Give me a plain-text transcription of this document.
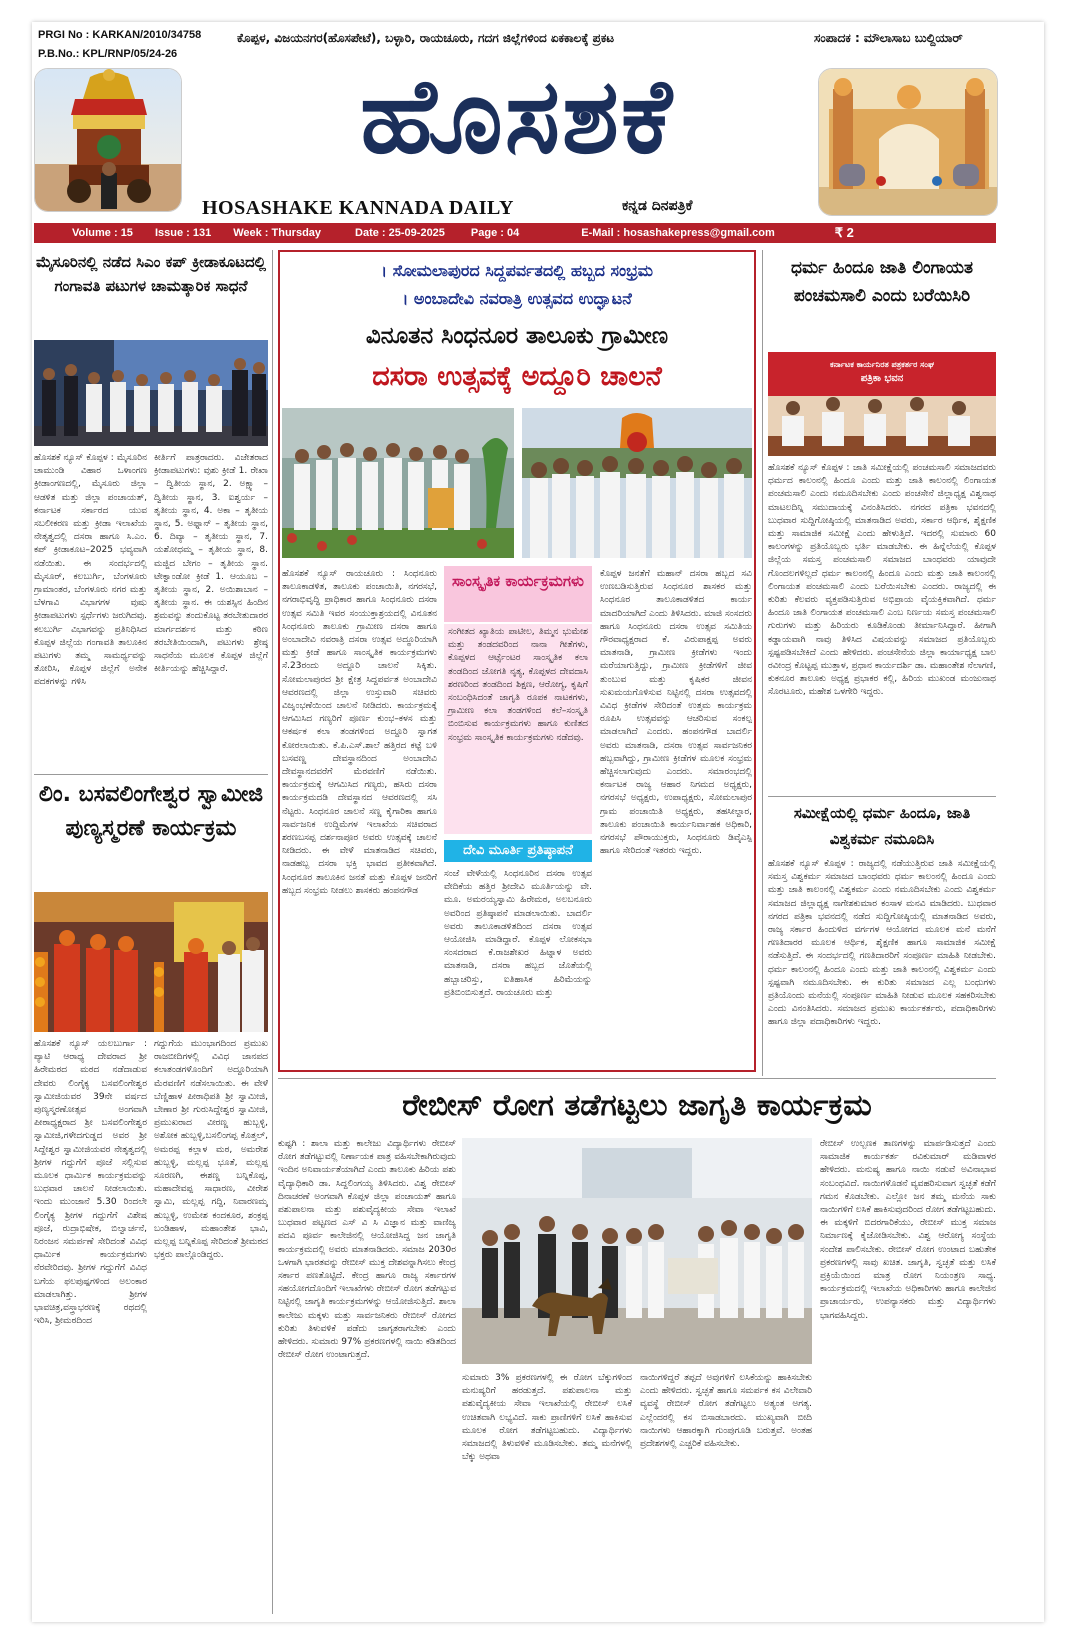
PRGI No : KARKAN/2010/34758
P.B.No.: KPL/RNP/05/24-26
ಕೊಪ್ಪಳ, ವಿಜಯನಗರ(ಹೊಸಪೇಟೆ), ಬಳ್ಳಾರಿ, ರಾಯಚೂರು, ಗದಗ ಜಿಲ್ಲೆಗಳಿಂದ ಏಕಕಾಲಕ್ಕೆ ಪ್ರಕಟ	ಸಂಪಾದಕ : ಮೌಲಾಸಾಬ ಬುಲ್ದಿಯಾರ್
ಹೊಸಶಕೆ
HOSASHAKE KANNADA DAILY	ಕನ್ನಡ ದಿನಪತ್ರಿಕೆ
Volume : 15 Issue : 131 Week : Thursday	Date : 25-09-2025 Page : 04	E-Mail : hosashakepress@gmail.com	₹ 2
ಮೈಸೂರಿನಲ್ಲಿ ನಡೆದ ಸಿಎಂ ಕಪ್ ಕ್ರೀಡಾಕೂಟದಲ್ಲಿ ಗಂಗಾವತಿ ಪಟುಗಳ ಚಾಮತ್ಕಾರಿಕ ಸಾಧನೆ
ಹೊಸಶಕೆ ನ್ಯೂಸ್ ಕೊಪ್ಪಳ : ಮೈಸೂರಿನ ಚಾಮುಂಡಿ ವಿಹಾರ ಒಳಾಂಗಣ ಕ್ರೀಡಾಂಗಣದಲ್ಲಿ, ಮೈಸೂರು ಜಿಲ್ಲಾ ಆಡಳಿತ ಮತ್ತು ಜಿಲ್ಲಾ ಪಂಚಾಯತ್, ಕರ್ನಾಟಕ ಸರ್ಕಾರದ ಯುವ ಸಬಲೀಕರಣ ಮತ್ತು ಕ್ರೀಡಾ ಇಲಾಖೆಯ ನೇತೃತ್ವದಲ್ಲಿ ದಸರಾ ಹಾಗೂ ಸಿ.ಎಂ. ಕಪ್ ಕ್ರೀಡಾಕೂಟ–2025 ಭವ್ಯವಾಗಿ ನಡೆಯಿತು. ಈ ಸಂದರ್ಭದಲ್ಲಿ ಮೈಸೂರ್, ಕಲಬುರ್ಗಿ, ಬೆಂಗಳೂರು ಗ್ರಾಮಾಂತರ, ಬೆಂಗಳೂರು ನಗರ ಮತ್ತು ಬೆಳಗಾವಿ ವಿಭಾಗಗಳ ವುಷು ಕ್ರೀಡಾಪಟುಗಳು ಸ್ಪರ್ಧೆಗಳು ಜರುಗಿದವು. ಕಲಬುರ್ಗಿ ವಿಭಾಗವನ್ನು ಪ್ರತಿನಿಧಿಸಿದ ಕೊಪ್ಪಳ ಜಿಲ್ಲೆಯ ಗಂಗಾವತಿ ತಾಲೂಕಿನ ಪಟುಗಳು ತಮ್ಮ ಸಾಮರ್ಥ್ಯವನ್ನು ತೋರಿಸಿ, ಕೊಪ್ಪಳ ಜಿಲ್ಲೆಗೆ ಅನೇಕ ಪದಕಗಳನ್ನು ಗಳಿಸಿ
ಕೀರ್ತಿಗೆ ಪಾತ್ರರಾದರು. ವಿಜೇತರಾದ ಕ್ರೀಡಾಪಟುಗಳು: ವುಶು ಕ್ರೀಡೆ 1. ರೇಖಾ – ದ್ವಿತೀಯ ಸ್ಥಾನ, 2. ಅಕ್ಷ್ಯಾ – ದ್ವಿತೀಯ ಸ್ಥಾನ, 3. ಐಶ್ವರ್ಯ – ತೃತೀಯ ಸ್ಥಾನ, 4. ಅಕಾ – ತೃತೀಯ ಸ್ಥಾನ, 5. ಅಫ್ನಾನ್ – ತೃತೀಯ ಸ್ಥಾನ, 6. ದಿವ್ಯಾ – ತೃತೀಯ ಸ್ಥಾನ, 7. ಯಶೋಧಮ್ಮ – ತೃತೀಯ ಸ್ಥಾನ, 8. ಮಜ್ಜಿದ ಬೇಗಂ – ತೃತೀಯ ಸ್ಥಾನ. ಟೇಕ್ವಾಂಡೋ ಕ್ರೀಡೆ 1. ಆಯೂಬ – ತೃತೀಯ ಸ್ಥಾನ, 2. ಅಯಿಶಾಬಾನ – ತೃತೀಯ ಸ್ಥಾನ. ಈ ಯಶಸ್ಸಿನ ಹಿಂದಿನ ಶ್ರಮವನ್ನು ತಂದುಕೊಟ್ಟ ತರಬೇತುದಾರರ ಮಾರ್ಗದರ್ಶನ ಮತ್ತು ಕಠಿಣ ತರಬೇತಿಯಿಂದಾಗಿ, ಪಟುಗಳು ಶ್ರೇಷ್ಠ ಸಾಧನೆಯ ಮೂಲಕ ಕೊಪ್ಪಳ ಜಿಲ್ಲೆಗೆ ಕೀರ್ತಿಯನ್ನು ಹೆಚ್ಚಿಸಿದ್ದಾರೆ.
ಲಿಂ. ಬಸವಲಿಂಗೇಶ್ವರ ಸ್ವಾಮೀಜಿ ಪುಣ್ಯಸ್ಮರಣೆ ಕಾರ್ಯಕ್ರಮ
ಹೊಸಶಕೆ ನ್ಯೂಸ್ ಯಲಬುರ್ಗಾ : ಪ್ಯಾಟಿ ಆರಾಧ್ಯ ದೇವರಾದ ಶ್ರೀ ಹಿರೇಮಠದ ಮಠದ ನಡೆದಾಡುವ ದೇವರು ಲಿಂಗೈಕ್ಯ ಬಸವಲಿಂಗೇಶ್ವರ ಸ್ವಾಮೀಜಿಯವರ 39ನೇ ವರ್ಷದ ಪುಣ್ಯಸ್ಮರಣೋತ್ಸವ ಅಂಗವಾಗಿ ಪೀಠಾಧ್ಯಕ್ಷರಾದ ಶ್ರೀ ಬಸವಲಿಂಗೇಶ್ವರ ಸ್ವಾಮೀಜಿ,ಗಳೇದಗುಡ್ಡದ ಅವರ ಶ್ರೀ ಸಿದ್ದೇಶ್ವರ ಸ್ವಾಮೀಜಿಯವರ ನೇತೃತ್ವದಲ್ಲಿ ಶ್ರೀಗಳ ಗದ್ದುಗೆಗೆ ಪೂಜೆ ಸಲ್ಲಿಸುವ ಮೂಲಕ ಧಾರ್ಮಿಕ ಕಾರ್ಯಕ್ರಮವನ್ನು ಬುಧವಾರ ಚಾಲನೆ ನೀಡಲಾಯಿತು. ಇಂದು ಮುಂಜಾನೆ 5.30 ರಿಂದಲೇ ಲಿಂಗೈಕ್ಯ ಶ್ರೀಗಳ ಗದ್ದುಗೆಗೆ ವಿಶೇಷ ಪೂಜೆ, ರುದ್ರಾಭಿಷೇಕ, ಬಿಲ್ವಾರ್ಚನೆ, ನಿರಂಜನ ಸಮರ್ಪಣೆ ಸೇರಿದಂತೆ ವಿವಿಧ ಧಾರ್ಮಿಕ ಕಾರ್ಯಕ್ರಮಗಳು ನೆರವೇರಿದವು. ಶ್ರೀಗಳ ಗದ್ದುಗೆಗೆ ವಿವಿಧ ಬಗೆಯ ಫಲಪುಷ್ಪಗಳಿಂದ ಅಲಂಕಾರ ಮಾಡಲಾಗಿತ್ತು. ಶ್ರೀಗಳ ಭಾವಚಿತ್ರ,ವಸ್ತ್ರಾಭರಣಕ್ಕೆ ರಥದಲ್ಲಿ ಇರಿಸಿ, ಶ್ರೀಮಠದಿಂದ
ಗದ್ದುಗೆಯ ಮುಂಭಾಗದಿಂದ ಪ್ರಮುಖ ರಾಜಬೀದಿಗಳಲ್ಲಿ ವಿವಿಧ ಜಾನಪದ ಕಲಾತಂಡಗಳೊಂದಿಗೆ ಅದ್ದೂರಿಯಾಗಿ ಮೆರವಣಿಗೆ ನಡೆಸಲಾಯಿತು. ಈ ವೇಳೆ ಬೆಣ್ಣಿಹಾಳ ಪೀಠಾಧಿಪತಿ ಶ್ರೀ ಸ್ವಾಮೀಜಿ, ಬೇಣಾರ ಶ್ರೀ ಗುರುಸಿದ್ದೇಶ್ವರ ಸ್ವಾಮೀಜಿ, ಪ್ರಮುಖರಾದ ವೀರಣ್ಣ ಹುಬ್ಬಳ್ಳಿ, ಅಶೋಕ ಹುಬ್ಬಳ್ಳಿ,ಬಸಲಿಂಗಪ್ಪ ಕೊತ್ತಲ್, ಅಮರಪ್ಪ ಕಲ್ಲಾಳ ಮಠ, ಅಮರೇಶ ಹುಬ್ಬಳ್ಳಿ, ಮಲ್ಲಪ್ಪ ಭೂತೆ, ಮಲ್ಲಪ್ಪ ಸೂರಣಗಿ, ಈಶಣ್ಣ ಬನ್ನಿಕೊಪ್ಪ, ಮಹಾದೇವಪ್ಪ ಸಾಧಾರಣ, ವೀರೇಶ ಸ್ವಾಮಿ, ಮಲ್ಲಪ್ಪ ಗದ್ದಿ, ನಿವಾರಣಮ್ಮ ಹುಬ್ಬಳ್ಳಿ, ಉಮೇಶ ಕಂದಕೂರ, ಶಂಕ್ರಪ್ಪ ಬಂಡಿಹಾಳ, ಮಹಾಂತೇಶ ಭಾವಿ, ಮಲ್ಲಪ್ಪ ಬನ್ನಿಕೊಪ್ಪ ಸೇರಿದಂತೆ ಶ್ರೀಮಠದ ಭಕ್ತರು ಪಾಲ್ಗೊಂಡಿದ್ದರು.
। ಸೋಮಲಾಪುರದ ಸಿದ್ದಪರ್ವತದಲ್ಲಿ ಹಬ್ಬದ ಸಂಭ್ರಮ
। ಅಂಬಾದೇವಿ ನವರಾತ್ರಿ ಉತ್ಸವದ ಉದ್ಘಾಟನೆ
ವಿನೂತನ ಸಿಂಧನೂರ ತಾಲೂಕು ಗ್ರಾಮೀಣ
ದಸರಾ ಉತ್ಸವಕ್ಕೆ ಅದ್ದೂರಿ ಚಾಲನೆ
ಹೊಸಶಕೆ ನ್ಯೂಸ್ ರಾಯಚೂರು : ಸಿಂಧನೂರು ತಾಲೂಕಾಡಳಿತ, ತಾಲೂಕು ಪಂಚಾಯಿತಿ, ನಗರಸಭೆ, ನಗರಾಭಿವೃದ್ಧಿ ಪ್ರಾಧಿಕಾರ ಹಾಗೂ ಸಿಂಧನೂರು ದಸರಾ ಉತ್ಸವ ಸಮಿತಿ ಇವರ ಸಂಯುಕ್ತಾಶ್ರಯದಲ್ಲಿ ವಿನೂತನ ಸಿಂಧನೂರು ತಾಲೂಕು ಗ್ರಾಮೀಣ ದಸರಾ ಹಾಗೂ ಅಂಬಾದೇವಿ ನವರಾತ್ರಿ ದಸರಾ ಉತ್ಸವ ಅದ್ಧೂರಿಯಾಗಿ ಮತ್ತು ಕ್ರೀಡೆ ಹಾಗೂ ಸಾಂಸ್ಕೃತಿಕ ಕಾರ್ಯಕ್ರಮಗಳು ಸೆ.23ರಂದು ಅದ್ದೂರಿ ಚಾಲನೆ ಸಿಕ್ಕಿತು. ಸೋಮಲಾಪುರದ ಶ್ರೀ ಕ್ಷೇತ್ರ ಸಿದ್ದಪರ್ವತ ಅಂಬಾದೇವಿ ಆವರಣದಲ್ಲಿ ಜಿಲ್ಲಾ ಉಸ್ತುವಾರಿ ಸಚಿವರು ವಿಜೃಂಭಣೆಯಿಂದ ಚಾಲನೆ ನೀಡಿದರು. ಕಾರ್ಯಕ್ರಮಕ್ಕೆ ಆಗಮಿಸಿದ ಗಣ್ಯರಿಗೆ ಪೂರ್ಣ ಕುಂಭ–ಕಳಸ ಮತ್ತು ಆಕರ್ಷಕ ಕಲಾ ತಂಡಗಳಿಂದ ಅದ್ದೂರಿ ಸ್ವಾಗತ ಕೋರಲಾಯಿತು. ಕೆ.ಪಿ.ಎಸ್.ಶಾಲೆ ಹತ್ತಿರದ ಕಟ್ಟೆ ಬಳಿ ಬಸವಣ್ಣ ದೇವಸ್ಥಾನದಿಂದ ಅಂಬಾದೇವಿ ದೇವಸ್ಥಾನದವರೆಗೆ ಮೆರವಣಿಗೆ ನಡೆಯಿತು. ಕಾರ್ಯಕ್ರಮಕ್ಕೆ ಆಗಮಿಸಿದ ಗಣ್ಯರು, ಹಸಿರು ದಸರಾ ಕಾರ್ಯಕ್ರಮದಡಿ ದೇವಸ್ಥಾನದ ಆವರಣದಲ್ಲಿ ಸಸಿ ನೆಟ್ಟರು. ಸಿಂಧನೂರ ಚಾಲನೆ ಸಣ್ಣ ಕೈಗಾರಿಕಾ ಹಾಗೂ ಸಾರ್ವಜನಿಕ ಉದ್ದಿಮೆಗಳ ಇಲಾಖೆಯ ಸಚಿವರಾದ ಶರಣಬಸಪ್ಪ ದರ್ಶನಾಪೂರ ಅವರು ಉತ್ಸವಕ್ಕೆ ಚಾಲನೆ ನೀಡಿದರು. ಈ ವೇಳೆ ಮಾತನಾಡಿದ ಸಚಿವರು, ನಾಡಹಬ್ಬ ದಸರಾ ಭಕ್ತಿ ಭಾವದ ಪ್ರತೀಕವಾಗಿದೆ. ಸಿಂಧನೂರ ತಾಲೂಕಿನ ಜನತೆ ಮತ್ತು ಕೊಪ್ಪಳ ಜನರಿಗೆ ಹಬ್ಬದ ಸಂಭ್ರಮ ನೀಡಲು ಶಾಸಕರು ಹಂಪನಗೌಡ
ಸಾಂಸ್ಕೃತಿಕ ಕಾರ್ಯಕ್ರಮಗಳು
ಸಂಗೀತದ ಖ್ಯಾತಿಯ ಪಾಟೀಲ, ತಿಮ್ಮನ ಭುಮೇಶ ಮತ್ತು ತಂಡದವರಿಂದ ನಾನಾ ಗೀತೆಗಳು, ಕೊಪ್ಪಳದ ಆರ್ಟ್ಸೆಂಟರ ಸಾಂಸ್ಕೃತಿಕ ಕಲಾ ತಂಡದಿಂದ ಜೋಗತಿ ನೃತ್ಯ, ಕೊಪ್ಪಳದ ದೇವದಾಸಿ ಶರಣರಿಂದ ತಂಡದಿಂದ ಶಿಕ್ಷಣ, ಆರೋಗ್ಯ, ಕೃಷಿಗೆ ಸಂಬಂಧಿಸಿದಂತೆ ಜಾಗೃತಿ ರೂಪಕ ನಾಟಕಗಳು, ಗ್ರಾಮೀಣ ಕಲಾ ತಂಡಗಳಿಂದ ಕಲೆ–ಸಂಸ್ಕೃತಿ ಬಿಂಬಿಸುವ ಕಾರ್ಯಕ್ರಮಗಳು ಹಾಗೂ ಕುಣಿತದ ಸಂಭ್ರಮ ಸಾಂಸ್ಕೃತಿಕ ಕಾರ್ಯಕ್ರಮಗಳು ನಡೆದವು.
ದೇವಿ ಮೂರ್ತಿ ಪ್ರತಿಷ್ಠಾಪನೆ
ಸಂಜೆ ವೇಳೆಯಲ್ಲಿ ಸಿಂಧನೂರಿನ ದಸರಾ ಉತ್ಸವ ವೇದಿಕೆಯ ಹತ್ತಿರ ಶ್ರೀದೇವಿ ಮೂರ್ತಿಯನ್ನು ವೇ. ಮೂ. ಅಮರಯ್ಯಸ್ವಾಮಿ ಹಿರೇಮಠ, ಅಲಬನೂರು ಅವರಿಂದ ಪ್ರತಿಷ್ಠಾಪನೆ ಮಾಡಲಾಯಿತು. ಬಾದರ್ಲಿ ಅವರು ತಾಲೂಕಾಡಳಿತದಿಂದ ದಸರಾ ಉತ್ಸವ ಆಯೋಜಿಸಿ ಮಾಡಿದ್ದಾರೆ. ಕೊಪ್ಪಳ ಲೋಕಸಭಾ ಸಂಸದರಾದ ಕೆ.ರಾಜಶೇಖರ ಹಿಟ್ನಾಳ ಅವರು ಮಾತನಾಡಿ, ದಸರಾ ಹಬ್ಬದ ಜೊತೆಯಲ್ಲಿ ಹಬ್ಬಾಚರಿಸ್ತು, ಐತಿಹಾಸಿಕ ಹಿರಿಮೆಯನ್ನು ಪ್ರತಿಬಿಂಬಿಸುತ್ತದೆ. ರಾಯಚೂರು ಮತ್ತು
ಕೊಪ್ಪಳ ಜನತೆಗೆ ಮಹಾನ್ ದಸರಾ ಹಬ್ಬದ ಸವಿ ಉಣಬಡಿಸುತ್ತಿರುವ ಸಿಂಧನೂರ ಶಾಸಕರ ಮತ್ತು ಸಿಂಧನೂರ ತಾಲೂಕಾಡಳಿತದ ಕಾರ್ಯ ಮಾದರಿಯಾಗಿದೆ ಎಂದು ತಿಳಿಸಿದರು. ಮಾಜಿ ಸಂಸದರು ಹಾಗೂ ಸಿಂಧನೂರು ದಸರಾ ಉತ್ಸವ ಸಮಿತಿಯ ಗೌರವಾಧ್ಯಕ್ಷರಾದ ಕೆ. ವಿರುಪಾಕ್ಷಪ್ಪ ಅವರು ಮಾತನಾಡಿ, ಗ್ರಾಮೀಣ ಕ್ರೀಡೆಗಳು ಇಂದು ಮರೆಯಾಗುತ್ತಿದ್ದು, ಗ್ರಾಮೀಣ ಕ್ರೀಡೆಗಳಿಗೆ ಜೀವ ತುಂಬುವ ಮತ್ತು ಕೃಷಿಕರ ಜೀವನ ಸುಖಮಯಗೊಳಿಸುವ ನಿಟ್ಟಿನಲ್ಲಿ ದಸರಾ ಉತ್ಸವದಲ್ಲಿ ವಿವಿಧ ಕ್ರೀಡೆಗಳ ಸೇರಿದಂತೆ ಉತ್ತಮ ಕಾರ್ಯಕ್ರಮ ರೂಪಿಸಿ ಉತ್ಸವವನ್ನು ಆಚರಿಸುವ ಸಂಕಲ್ಪ ಮಾಡಲಾಗಿದೆ ಎಂದರು. ಹಂಪನಗೌಡ ಬಾದರ್ಲಿ ಅವರು ಮಾತನಾಡಿ, ದಸರಾ ಉತ್ಸವ ಸಾರ್ವಜನಿಕರ ಹಬ್ಬವಾಗಿದ್ದು, ಗ್ರಾಮೀಣ ಕ್ರೀಡೆಗಳ ಮೂಲಕ ಸಂಭ್ರಮ ಹೆಚ್ಚಿಸಲಾಗುವುದು ಎಂದರು. ಸಮಾರಂಭದಲ್ಲಿ ಕರ್ನಾಟಕ ರಾಜ್ಯ ಆಹಾರ ನಿಗಮದ ಅಧ್ಯಕ್ಷರು, ನಗರಸಭೆ ಅಧ್ಯಕ್ಷರು, ಉಪಾಧ್ಯಕ್ಷರು, ಸೋಮಲಾಪುರ ಗ್ರಾಮ ಪಂಚಾಯಿತಿ ಅಧ್ಯಕ್ಷರು, ತಹಸೀಲ್ದಾರ, ತಾಲೂಕು ಪಂಚಾಯಿತಿ ಕಾರ್ಯನಿರ್ವಾಹಕ ಅಧಿಕಾರಿ, ನಗರಸಭೆ ಪೌರಾಯುಕ್ತರು, ಸಿಂಧನೂರು ಡಿವೈಎಸ್ಪಿ ಹಾಗೂ ಸೇರಿದಂತೆ ಇತರರು ಇದ್ದರು.
ಧರ್ಮ ಹಿಂದೂ ಜಾತಿ ಲಿಂಗಾಯತ ಪಂಚಮಸಾಲಿ ಎಂದು ಬರೆಯಿಸಿರಿ
ಕರ್ನಾಟಕ ಕಾರ್ಯನಿರತ ಪತ್ರಕರ್ತರ ಸಂಘ
ಪತ್ರಿಕಾ ಭವನ
ಹೊಸಶಕೆ ನ್ಯೂಸ್ ಕೊಪ್ಪಳ : ಜಾತಿ ಸಮೀಕ್ಷೆಯಲ್ಲಿ ಪಂಚಮಸಾಲಿ ಸಮಾಜದವರು ಧರ್ಮದ ಕಾಲಂನಲ್ಲಿ ಹಿಂದೂ ಎಂದು ಮತ್ತು ಜಾತಿ ಕಾಲಂನಲ್ಲಿ ಲಿಂಗಾಯತ ಪಂಚಮಸಾಲಿ ಎಂದು ನಮೂದಿಸಬೇಕು ಎಂದು ಪಂಚಸೇನೆ ಜಿಲ್ಲಾಧ್ಯಕ್ಷ ವಿಶ್ವನಾಥ ಮಾಟಲದಿನ್ನಿ ಸಮುದಾಯಕ್ಕೆ ವಿನಂತಿಸಿದರು. ನಗರದ ಪತ್ರಿಕಾ ಭವನದಲ್ಲಿ ಬುಧವಾರ ಸುದ್ದಿಗೋಷ್ಠಿಯಲ್ಲಿ ಮಾತನಾಡಿದ ಅವರು, ಸರ್ಕಾರ ಆರ್ಥಿಕ, ಶೈಕ್ಷಣಿಕ ಮತ್ತು ಸಾಮಾಜಿಕ ಸಮೀಕ್ಷೆ ಎಂದು ಹೇಳುತ್ತಿದೆ. ಇದರಲ್ಲಿ ಸುಮಾರು 60 ಕಾಲಂಗಳನ್ನು ಪ್ರತಿಯೊಬ್ಬರು ಭರ್ತಿ ಮಾಡಬೇಕು. ಈ ಹಿನ್ನೆಲೆಯಲ್ಲಿ ಕೊಪ್ಪಳ ಜಿಲ್ಲೆಯ ಸಮಸ್ತ ಪಂಚಮಸಾಲಿ ಸಮಾಜದ ಬಾಂಧವರು ಯಾವುದೇ ಗೊಂದಲಗಳಿಲ್ಲದೆ ಧರ್ಮ ಕಾಲಂನಲ್ಲಿ ಹಿಂದೂ ಎಂದು ಮತ್ತು ಜಾತಿ ಕಾಲಂನಲ್ಲಿ ಲಿಂಗಾಯತ ಪಂಚಮಸಾಲಿ ಎಂದು ಬರೆಯಿಸಬೇಕು ಎಂದರು. ರಾಜ್ಯದಲ್ಲಿ ಈ ಕುರಿತು ಕೆಲವರು ವ್ಯಕ್ತಪಡಿಸುತ್ತಿರುವ ಅಭಿಪ್ರಾಯ ವೈಯಕ್ತಿಕವಾಗಿದೆ. ಧರ್ಮ ಹಿಂದೂ ಜಾತಿ ಲಿಂಗಾಯತ ಪಂಚಮಸಾಲಿ ಎಂಬ ನಿರ್ಣಯ ಸಮಸ್ತ ಪಂಚಮಸಾಲಿ ಗುರುಗಳು ಮತ್ತು ಹಿರಿಯರು ಕೂಡಿಕೊಂಡು ತೀರ್ಮಾನಿಸಿದ್ದಾರೆ. ಹೀಗಾಗಿ ಕಡ್ಡಾಯವಾಗಿ ನಾವು ತಿಳಿಸಿದ ವಿಷಯವನ್ನು ಸಮಾಜದ ಪ್ರತಿಯೊಬ್ಬರು ಸ್ಪಷ್ಟಪಡಿಸಬೇಕಿದೆ ಎಂದು ಹೇಳಿದರು. ಪಂಚಸೇನೆಯ ಜಿಲ್ಲಾ ಕಾರ್ಯಾಧ್ಯಕ್ಷ ಬಾಲ ರವೀಂದ್ರ ಕೊಟ್ಟಪ್ಪ ಮುತ್ತಾಳ, ಪ್ರಧಾನ ಕಾರ್ಯದರ್ಶಿ ಡಾ. ಮಹಾಂತೇಶ ನೆಲಾಗಣಿ, ಕುಕನೂರ ತಾಲೂಕು ಅಧ್ಯಕ್ಷ ಪ್ರಭಾಕರ ಕಲ್ಲಿ, ಹಿರಿಯ ಮುಖಂಡ ಮಂಜುನಾಥ ಸೊರಟೂರು, ಮಹೇಶ ಒಳಗೇರಿ ಇದ್ದರು.
ಸಮೀಕ್ಷೆಯಲ್ಲಿ ಧರ್ಮ ಹಿಂದೂ, ಜಾತಿ ವಿಶ್ವಕರ್ಮ ನಮೂದಿಸಿ
ಹೊಸಶಕೆ ನ್ಯೂಸ್ ಕೊಪ್ಪಳ : ರಾಜ್ಯದಲ್ಲಿ ನಡೆಯುತ್ತಿರುವ ಜಾತಿ ಸಮೀಕ್ಷೆಯಲ್ಲಿ ಸಮಸ್ತ ವಿಶ್ವಕರ್ಮ ಸಮಾಜದ ಬಾಂಧವರು ಧರ್ಮ ಕಾಲಂನಲ್ಲಿ ಹಿಂದೂ ಎಂದು ಮತ್ತು ಜಾತಿ ಕಾಲಂನಲ್ಲಿ ವಿಶ್ವಕರ್ಮ ಎಂದು ನಮೂದಿಸಬೇಕು ಎಂದು ವಿಶ್ವಕರ್ಮ ಸಮಾಜದ ಜಿಲ್ಲಾಧ್ಯಕ್ಷ ನಾಗೇಶಕುಮಾರ ಕಂಸಾಳ ಮನವಿ ಮಾಡಿದರು. ಬುಧವಾರ ನಗರದ ಪತ್ರಿಕಾ ಭವನದಲ್ಲಿ ನಡೆದ ಸುದ್ದಿಗೋಷ್ಠಿಯಲ್ಲಿ ಮಾತನಾಡಿದ ಅವರು, ರಾಜ್ಯ ಸರ್ಕಾರ ಹಿಂದುಳಿದ ವರ್ಗಗಳ ಆಯೋಗದ ಮೂಲಕ ಮನೆ ಮನೆಗೆ ಗಣತಿದಾರರ ಮೂಲಕ ಆರ್ಥಿಕ, ಶೈಕ್ಷಣಿಕ ಹಾಗೂ ಸಾಮಾಜಿಕ ಸಮೀಕ್ಷೆ ನಡೆಸುತ್ತಿದೆ. ಈ ಸಂದರ್ಭದಲ್ಲಿ ಗಣತಿದಾರರಿಗೆ ಸಂಪೂರ್ಣ ಮಾಹಿತಿ ನೀಡಬೇಕು. ಧರ್ಮ ಕಾಲಂನಲ್ಲಿ ಹಿಂದೂ ಎಂದು ಮತ್ತು ಜಾತಿ ಕಾಲಂನಲ್ಲಿ ವಿಶ್ವಕರ್ಮ ಎಂದು ಸ್ಪಷ್ಟವಾಗಿ ನಮೂದಿಸಬೇಕು. ಈ ಕುರಿತು ಸಮಾಜದ ಎಲ್ಲ ಬಂಧುಗಳು ಪ್ರತಿಯೊಂದು ಮನೆಯಲ್ಲಿ ಸಂಪೂರ್ಣ ಮಾಹಿತಿ ನೀಡುವ ಮೂಲಕ ಸಹಕರಿಸಬೇಕು ಎಂದು ವಿನಂತಿಸಿದರು. ಸಮಾಜದ ಪ್ರಮುಖ ಕಾರ್ಯಕರ್ತರು, ಪದಾಧಿಕಾರಿಗಳು ಹಾಗೂ ಜಿಲ್ಲಾ ಪದಾಧಿಕಾರಿಗಳು ಇದ್ದರು.
ರೇಬೀಸ್ ರೋಗ ತಡೆಗಟ್ಟಲು ಜಾಗೃತಿ ಕಾರ್ಯಕ್ರಮ
ಕುಷ್ಟಗಿ : ಶಾಲಾ ಮತ್ತು ಕಾಲೇಜು ವಿದ್ಯಾರ್ಥಿಗಳು ರೇಬೀಸ್ ರೋಗ ತಡೆಗಟ್ಟುವಲ್ಲಿ ನಿರ್ಣಾಯಕ ಪಾತ್ರ ವಹಿಸಬೇಕಾಗಿರುವುದು ಇಂದಿನ ಅನಿವಾರ್ಯತೆಯಾಗಿದೆ ಎಂದು ತಾಲೂಕು ಹಿರಿಯ ಪಶು ವೈದ್ಯಾಧಿಕಾರಿ ಡಾ. ಸಿದ್ದಲಿಂಗಯ್ಯ ತಿಳಿಸಿದರು. ವಿಶ್ವ ರೇಬೀಸ್ ದಿನಾಚರಣೆ ಅಂಗವಾಗಿ ಕೊಪ್ಪಳ ಜಿಲ್ಲಾ ಪಂಚಾಯತ್ ಹಾಗೂ ಪಶುಪಾಲನಾ ಮತ್ತು ಪಶುವೈದ್ಯಕೀಯ ಸೇವಾ ಇಲಾಖೆ ಬುಧವಾರ ಪಟ್ಟಣದ ಎಸ್ ವಿ ಸಿ ವಿಜ್ಞಾನ ಮತ್ತು ವಾಣಿಜ್ಯ ಪದವಿ ಪೂರ್ವ ಕಾಲೇಜಿನಲ್ಲಿ ಆಯೋಜಿಸಿದ್ದ ಜನ ಜಾಗೃತಿ ಕಾರ್ಯಕ್ರಮದಲ್ಲಿ ಅವರು ಮಾತನಾಡಿದರು. ಸಮಾಜ 2030ರ ಒಳಗಾಗಿ ಭಾರತವನ್ನು ರೇಬೀಸ್ ಮುಕ್ತ ದೇಶವನ್ನಾಗಿಸಲು ಕೇಂದ್ರ ಸರ್ಕಾರ ಪಣತೊಟ್ಟಿದೆ. ಕೇಂದ್ರ ಹಾಗೂ ರಾಜ್ಯ ಸರ್ಕಾರಗಳ ಸಹಯೋಗದೊಂದಿಗೆ ಇಲಾಖೆಗಳು ರೇಬೀಸ್ ರೋಗ ತಡೆಗಟ್ಟುವ ನಿಟ್ಟಿನಲ್ಲಿ ಜಾಗೃತಿ ಕಾರ್ಯಕ್ರಮಗಳನ್ನು ಆಯೋಜಿಸುತ್ತಿದೆ. ಶಾಲಾ ಕಾಲೇಜು ಮಕ್ಕಳು ಮತ್ತು ಸಾರ್ವಜನಿಕರು ರೇಬೀಸ್ ರೋಗದ ಕುರಿತು ತಿಳುವಳಿಕೆ ಪಡೆದು ಜಾಗೃತರಾಗಬೇಕು ಎಂದು ಹೇಳಿದರು. ಸುಮಾರು 97% ಪ್ರಕರಣಗಳಲ್ಲಿ ನಾಯಿ ಕಡಿತದಿಂದ ರೇಬೀಸ್ ರೋಗ ಉಂಟಾಗುತ್ತದೆ.
ಸುಮಾರು 3% ಪ್ರಕರಣಗಳಲ್ಲಿ ಈ ರೋಗ ಬೆಕ್ಕುಗಳಿಂದ ಮನುಷ್ಯರಿಗೆ ಹರಡುತ್ತದೆ. ಪಶುಪಾಲನಾ ಮತ್ತು ಪಶುವೈದ್ಯಕೀಯ ಸೇವಾ ಇಲಾಖೆಯಲ್ಲಿ ರೇಬೀಸ್ ಲಸಿಕೆ ಉಚಿತವಾಗಿ ಲಭ್ಯವಿದೆ. ಸಾಕು ಪ್ರಾಣಿಗಳಿಗೆ ಲಸಿಕೆ ಹಾಕಿಸುವ ಮೂಲಕ ರೋಗ ತಡೆಗಟ್ಟಬಹುದು. ವಿದ್ಯಾರ್ಥಿಗಳು ಸಮಾಜದಲ್ಲಿ ತಿಳುವಳಿಕೆ ಮೂಡಿಸಬೇಕು. ತಮ್ಮ ಮನೆಗಳಲ್ಲಿ ಬೆಕ್ಕು ಅಥವಾ
ನಾಯಿಗಳಿದ್ದರೆ ತಪ್ಪದೆ ಅವುಗಳಿಗೆ ಲಸಿಕೆಯನ್ನು ಹಾಕಿಸಬೇಕು ಎಂದು ಹೇಳಿದರು. ಸ್ವಚ್ಛತೆ ಹಾಗೂ ಸಮರ್ಪಕ ಕಸ ವಿಲೇವಾರಿ ವ್ಯವಸ್ಥೆ ರೇಬೀಸ್ ರೋಗ ತಡೆಗಟ್ಟಲು ಅತ್ಯಂತ ಅಗತ್ಯ. ಎಲ್ಲೆಂದರಲ್ಲಿ ಕಸ ಬಿಸಾಡಬಾರದು. ಮುಖ್ಯವಾಗಿ ಬೀದಿ ನಾಯಿಗಳು ಆಹಾರಕ್ಕಾಗಿ ಗುಂಪುಗೂಡಿ ಬರುತ್ತವೆ. ಅಂತಹ ಪ್ರದೇಶಗಳಲ್ಲಿ ಎಚ್ಚರಿಕೆ ವಹಿಸಬೇಕು.
ರೇಬೀಸ್ ಉಲ್ಬಣಕ ತಾಣಗಳನ್ನು ಮಾರ್ಪಡಿಸುತ್ತದೆ ಎಂದು ಸಾಮಾಜಿಕ ಕಾರ್ಯಕರ್ತ ರವಿಕುಮಾರ್ ಮಡಿವಾಳರ ಹೇಳಿದರು. ಮನುಷ್ಯ ಹಾಗೂ ನಾಯಿ ನಡುವೆ ಅವಿನಾಭಾವ ಸಂಬಂಧವಿದೆ. ನಾಯಿಗಳೊಡನೆ ವ್ಯವಹರಿಸುವಾಗ ಸ್ವಚ್ಛತೆ ಕಡೆಗೆ ಗಮನ ಕೊಡಬೇಕು. ಎಲ್ಲೋ ಜನ ತಮ್ಮ ಮನೆಯ ಸಾಕು ನಾಯಿಗಳಿಗೆ ಲಸಿಕೆ ಹಾಕಿಸುವುದರಿಂದ ರೋಗ ತಡೆಗಟ್ಟಬಹುದು. ಈ ಮಕ್ಕಳಿಗೆ ಬಿದರಗಾರಿಕೆಯು, ರೇಬೀಸ್ ಮುಕ್ತ ಸಮಾಜ ನಿರ್ಮಾಣಕ್ಕೆ ಕೈಜೋಡಿಸಬೇಕು. ವಿಶ್ವ ಆರೋಗ್ಯ ಸಂಸ್ಥೆಯ ಸಂದೇಶ ಪಾಲಿಸಬೇಕು. ರೇಬೀಸ್ ರೋಗ ಉಂಟಾದ ಬಹುತೇಕ ಪ್ರಕರಣಗಳಲ್ಲಿ ಸಾವು ಖಚಿತ. ಜಾಗೃತಿ, ಸ್ವಚ್ಛತೆ ಮತ್ತು ಲಸಿಕೆ ಪ್ರಕ್ರಿಯೆಯಿಂದ ಮಾತ್ರ ರೋಗ ನಿಯಂತ್ರಣ ಸಾಧ್ಯ. ಕಾರ್ಯಕ್ರಮದಲ್ಲಿ ಇಲಾಖೆಯ ಅಧಿಕಾರಿಗಳು ಹಾಗೂ ಕಾಲೇಜಿನ ಪ್ರಾಚಾರ್ಯರು, ಉಪನ್ಯಾಸಕರು ಮತ್ತು ವಿದ್ಯಾರ್ಥಿಗಳು ಭಾಗವಹಿಸಿದ್ದರು.
